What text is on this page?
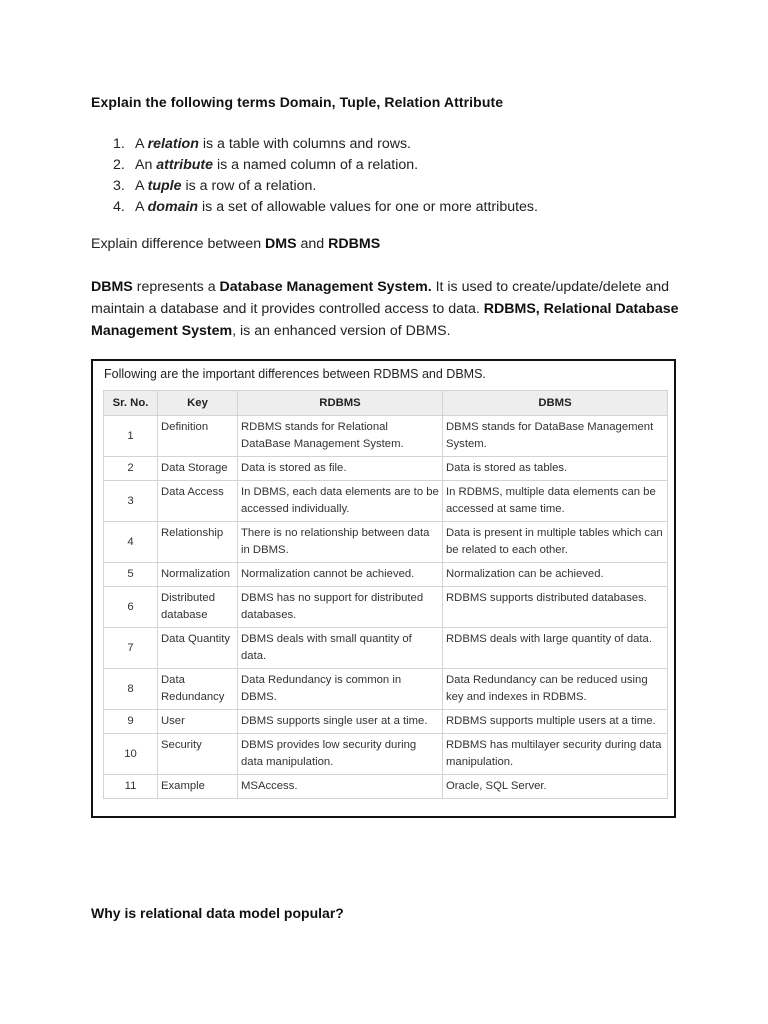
Explain the following terms Domain, Tuple, Relation Attribute
1. A relation is a table with columns and rows.
2. An attribute is a named column of a relation.
3. A tuple is a row of a relation.
4. A domain is a set of allowable values for one or more attributes.
Explain difference between DMS and RDBMS
DBMS represents a Database Management System. It is used to create/update/delete and maintain a database and it provides controlled access to data. RDBMS, Relational Database Management System, is an enhanced version of DBMS.
Following are the important differences between RDBMS and DBMS.
Sr. No.	Key	RDBMS	DBMS
1	Definition	RDBMS stands for Relational DataBase Management System.	DBMS stands for DataBase Management System.
2	Data Storage	Data is stored as file.	Data is stored as tables.
3	Data Access	In DBMS, each data elements are to be accessed individually.	In RDBMS, multiple data elements can be accessed at same time.
4	Relationship	There is no relationship between data in DBMS.	Data is present in multiple tables which can be related to each other.
5	Normalization	Normalization cannot be achieved.	Normalization can be achieved.
6	Distributed database	DBMS has no support for distributed databases.	RDBMS supports distributed databases.
7	Data Quantity	DBMS deals with small quantity of data.	RDBMS deals with large quantity of data.
8	Data Redundancy	Data Redundancy is common in DBMS.	Data Redundancy can be reduced using key and indexes in RDBMS.
9	User	DBMS supports single user at a time.	RDBMS supports multiple users at a time.
10	Security	DBMS provides low security during data manipulation.	RDBMS has multilayer security during data manipulation.
11	Example	MSAccess.	Oracle, SQL Server.
Why is relational data model popular?
